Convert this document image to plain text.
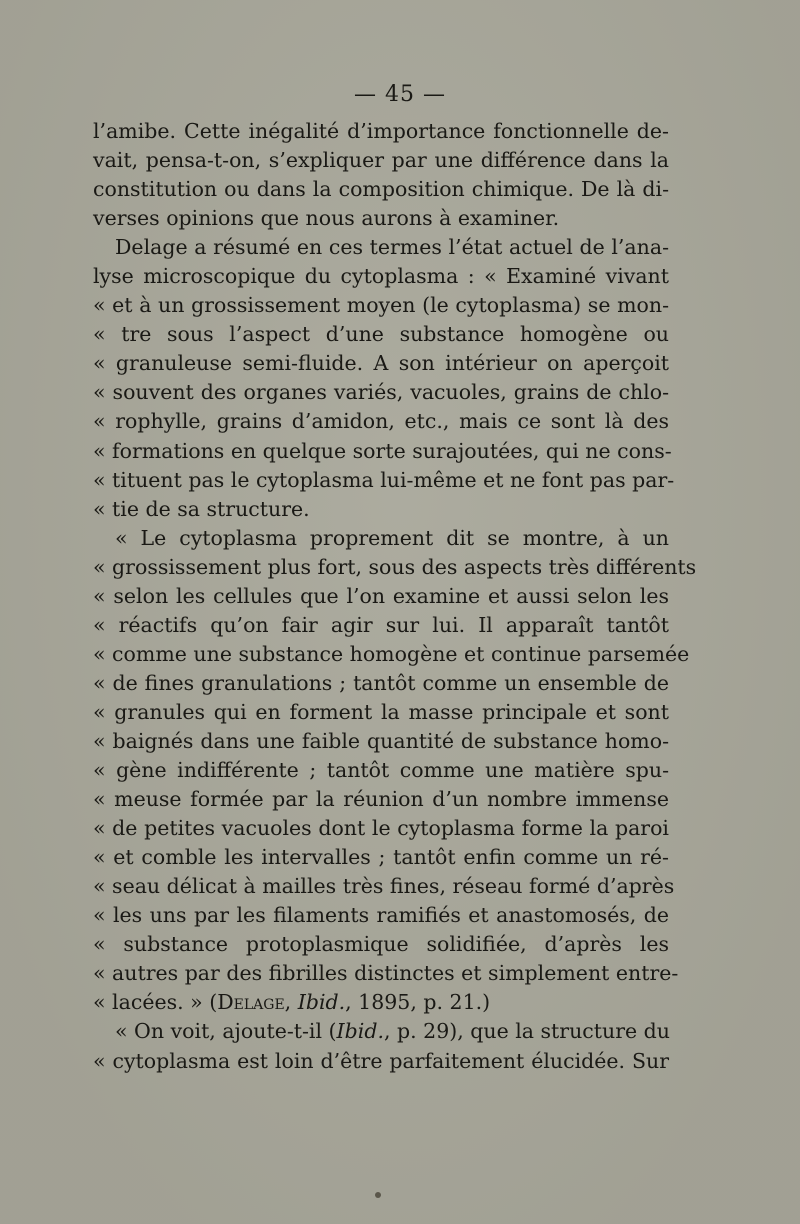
— 45 —
l’amibe. Cette inégalité d’importance fonctionnelle de-
vait, pensa-t-on, s’expliquer par une différence dans la
constitution ou dans la composition chimique. De là di-
verses opinions que nous aurons à examiner.
Delage a résumé en ces termes l’état actuel de l’ana-
lyse microscopique du cytoplasma : « Examiné vivant
« et à un grossissement moyen (le cytoplasma) se mon-
« tre sous l’aspect d’une substance homogène ou
« granuleuse semi-fluide. A son intérieur on aperçoit
« souvent des organes variés, vacuoles, grains de chlo-
« rophylle, grains d’amidon, etc., mais ce sont là des
« formations en quelque sorte surajoutées, qui ne cons-
« tituent pas le cytoplasma lui-même et ne font pas par-
« tie de sa structure.
« Le cytoplasma proprement dit se montre, à un
« grossissement plus fort, sous des aspects très différents
« selon les cellules que l’on examine et aussi selon les
« réactifs qu’on fair agir sur lui. Il apparaît tantôt
« comme une substance homogène et continue parsemée
« de fines granulations ; tantôt comme un ensemble de
« granules qui en forment la masse principale et sont
« baignés dans une faible quantité de substance homo-
« gène indifférente ; tantôt comme une matière spu-
« meuse formée par la réunion d’un nombre immense
« de petites vacuoles dont le cytoplasma forme la paroi
« et comble les intervalles ; tantôt enfin comme un ré-
« seau délicat à mailles très fines, réseau formé d’après
« les uns par les filaments ramifiés et anastomosés, de
« substance protoplasmique solidifiée, d’après les
« autres par des fibrilles distinctes et simplement entre-
« lacées. » (Delage, Ibid., 1895, p. 21.)
« On voit, ajoute-t-il (Ibid., p. 29), que la structure du
« cytoplasma est loin d’être parfaitement élucidée. Sur
